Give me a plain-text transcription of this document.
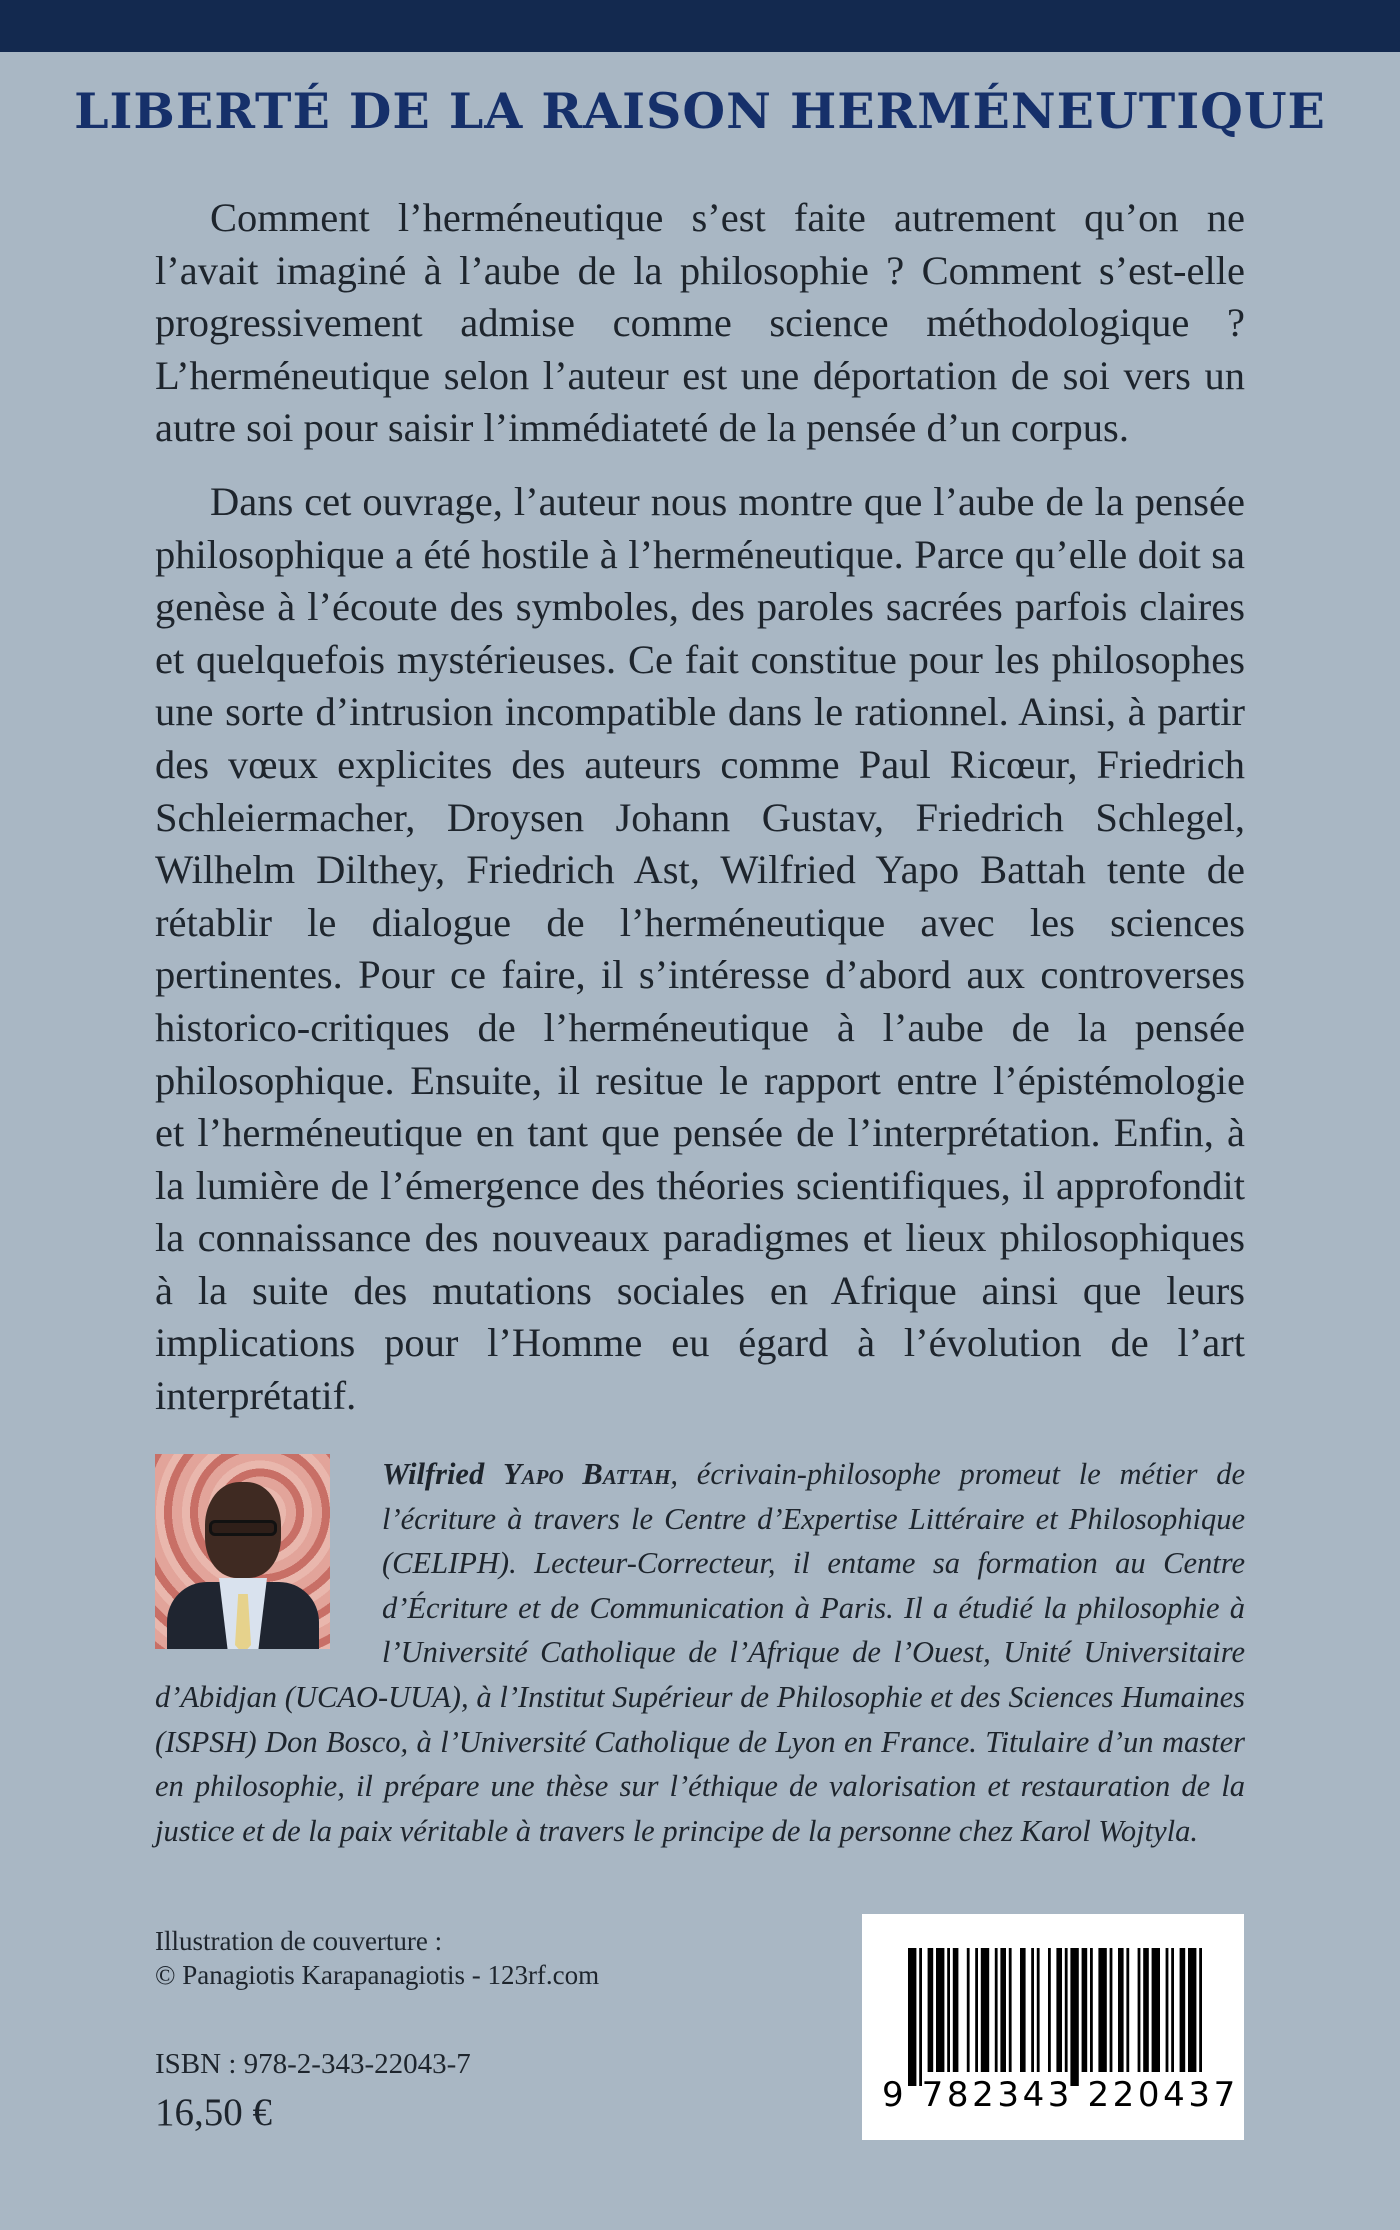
LIBERTÉ DE LA RAISON HERMÉNEUTIQUE

Comment l’herméneutique s’est faite autrement qu’on ne l’avait imaginé à l’aube de la philosophie ? Comment s’est-elle progressivement admise comme science méthodologique ? L’herméneutique selon l’auteur est une déportation de soi vers un autre soi pour saisir l’immédiateté de la pensée d’un corpus.

Dans cet ouvrage, l’auteur nous montre que l’aube de la pensée philosophique a été hostile à l’herméneutique. Parce qu’elle doit sa genèse à l’écoute des symboles, des paroles sacrées parfois claires et quelquefois mystérieuses. Ce fait constitue pour les philosophes une sorte d’intrusion incompatible dans le rationnel. Ainsi, à partir des vœux explicites des auteurs comme Paul Ricœur, Friedrich Schleiermacher, Droysen Johann Gustav, Friedrich Schlegel, Wilhelm Dilthey, Friedrich Ast, Wilfried Yapo Battah tente de rétablir le dialogue de l’herméneutique avec les sciences pertinentes. Pour ce faire, il s’intéresse d’abord aux controverses historico-critiques de l’herméneutique à l’aube de la pensée philosophique. Ensuite, il resitue le rapport entre l’épistémologie et l’herméneutique en tant que pensée de l’interprétation. Enfin, à la lumière de l’émergence des théories scientifiques, il approfondit la connaissance des nouveaux paradigmes et lieux philosophiques à la suite des mutations sociales en Afrique ainsi que leurs implications pour l’Homme eu égard à l’évolution de l’art interprétatif.

Wilfried Yapo Battah, écrivain-philosophe promeut le métier de l’écriture à travers le Centre d’Expertise Littéraire et Philosophique (CELIPH). Lecteur-Correcteur, il entame sa formation au Centre d’Écriture et de Communication à Paris. Il a étudié la philosophie à l’Université Catholique de l’Afrique de l’Ouest, Unité Universitaire d’Abidjan (UCAO-UUA), à l’Institut Supérieur de Philosophie et des Sciences Humaines (ISPSH) Don Bosco, à l’Université Catholique de Lyon en France. Titulaire d’un master en philosophie, il prépare une thèse sur l’éthique de valorisation et restauration de la justice et de la paix véritable à travers le principe de la personne chez Karol Wojtyla.
Illustration de couverture :
© Panagiotis Karapanagiotis - 123rf.com
ISBN : 978-2-343-22043-7
16,50 €	9 782343 220437
